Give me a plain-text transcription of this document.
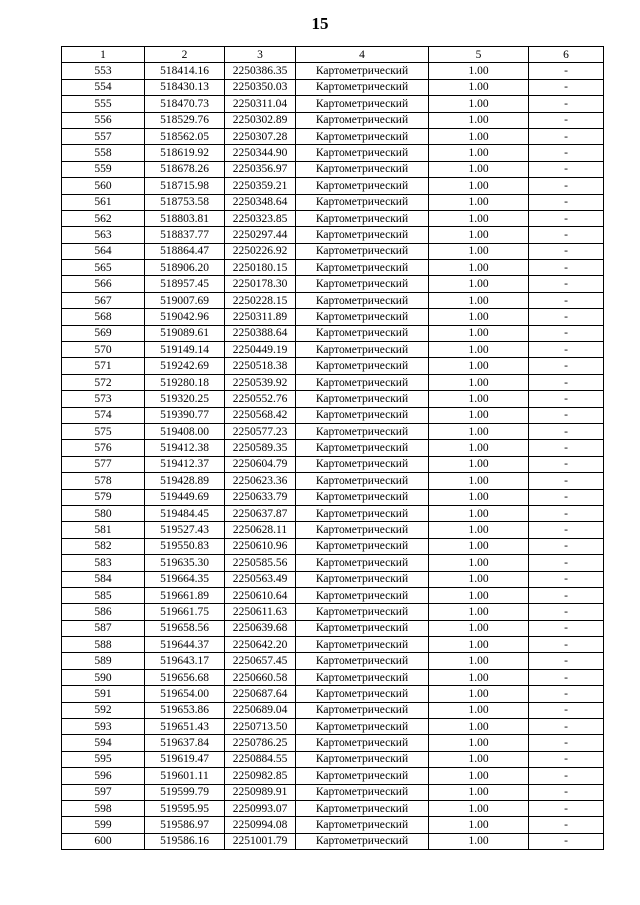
15
1	2	3	4	5	6
553	518414.16	2250386.35	Картометрический	1.00	-
554	518430.13	2250350.03	Картометрический	1.00	-
555	518470.73	2250311.04	Картометрический	1.00	-
556	518529.76	2250302.89	Картометрический	1.00	-
557	518562.05	2250307.28	Картометрический	1.00	-
558	518619.92	2250344.90	Картометрический	1.00	-
559	518678.26	2250356.97	Картометрический	1.00	-
560	518715.98	2250359.21	Картометрический	1.00	-
561	518753.58	2250348.64	Картометрический	1.00	-
562	518803.81	2250323.85	Картометрический	1.00	-
563	518837.77	2250297.44	Картометрический	1.00	-
564	518864.47	2250226.92	Картометрический	1.00	-
565	518906.20	2250180.15	Картометрический	1.00	-
566	518957.45	2250178.30	Картометрический	1.00	-
567	519007.69	2250228.15	Картометрический	1.00	-
568	519042.96	2250311.89	Картометрический	1.00	-
569	519089.61	2250388.64	Картометрический	1.00	-
570	519149.14	2250449.19	Картометрический	1.00	-
571	519242.69	2250518.38	Картометрический	1.00	-
572	519280.18	2250539.92	Картометрический	1.00	-
573	519320.25	2250552.76	Картометрический	1.00	-
574	519390.77	2250568.42	Картометрический	1.00	-
575	519408.00	2250577.23	Картометрический	1.00	-
576	519412.38	2250589.35	Картометрический	1.00	-
577	519412.37	2250604.79	Картометрический	1.00	-
578	519428.89	2250623.36	Картометрический	1.00	-
579	519449.69	2250633.79	Картометрический	1.00	-
580	519484.45	2250637.87	Картометрический	1.00	-
581	519527.43	2250628.11	Картометрический	1.00	-
582	519550.83	2250610.96	Картометрический	1.00	-
583	519635.30	2250585.56	Картометрический	1.00	-
584	519664.35	2250563.49	Картометрический	1.00	-
585	519661.89	2250610.64	Картометрический	1.00	-
586	519661.75	2250611.63	Картометрический	1.00	-
587	519658.56	2250639.68	Картометрический	1.00	-
588	519644.37	2250642.20	Картометрический	1.00	-
589	519643.17	2250657.45	Картометрический	1.00	-
590	519656.68	2250660.58	Картометрический	1.00	-
591	519654.00	2250687.64	Картометрический	1.00	-
592	519653.86	2250689.04	Картометрический	1.00	-
593	519651.43	2250713.50	Картометрический	1.00	-
594	519637.84	2250786.25	Картометрический	1.00	-
595	519619.47	2250884.55	Картометрический	1.00	-
596	519601.11	2250982.85	Картометрический	1.00	-
597	519599.79	2250989.91	Картометрический	1.00	-
598	519595.95	2250993.07	Картометрический	1.00	-
599	519586.97	2250994.08	Картометрический	1.00	-
600	519586.16	2251001.79	Картометрический	1.00	-
